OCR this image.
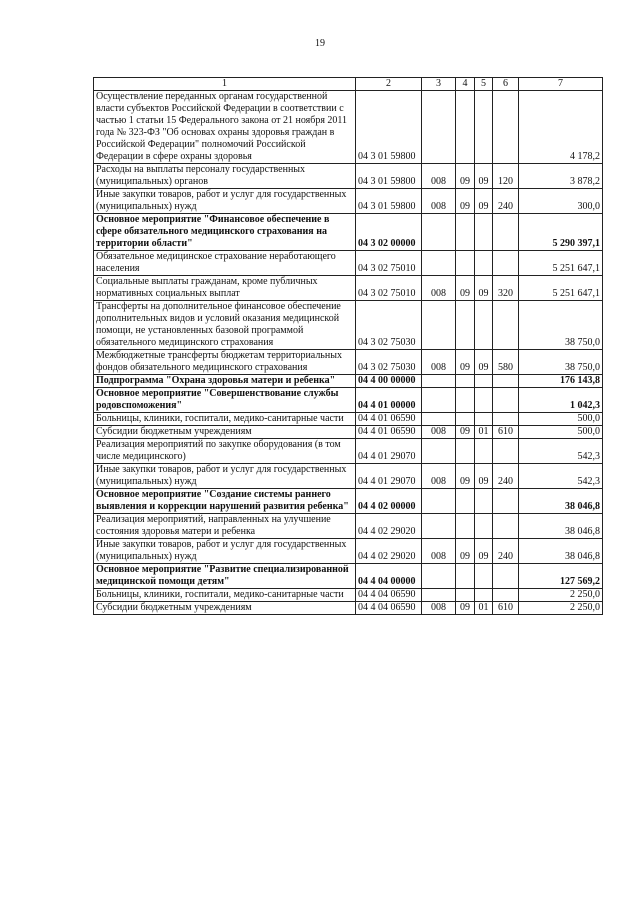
19
1	2	3	4	5	6	7
Осуществление переданных органам государственной власти субъектов Российской Федерации в соответствии с частью 1 статьи 15 Федерального закона от 21 ноября 2011 года № 323-ФЗ "Об основах охраны здоровья граждан в Российской Федерации" полномочий Российской Федерации в сфере охраны здоровья	04 3 01 59800					4 178,2
Расходы на выплаты персоналу государственных (муниципальных) органов	04 3 01 59800	008	09	09	120	3 878,2
Иные закупки товаров, работ и услуг для государственных (муниципальных) нужд	04 3 01 59800	008	09	09	240	300,0
Основное мероприятие "Финансовое обеспечение в сфере обязательного медицинского страхования на территории области"	04 3 02 00000					5 290 397,1
Обязательное медицинское страхование неработающего населения	04 3 02 75010					5 251 647,1
Социальные выплаты гражданам, кроме публичных нормативных социальных выплат	04 3 02 75010	008	09	09	320	5 251 647,1
Трансферты на дополнительное финансовое обеспечение дополнительных видов и условий оказания медицинской помощи, не установленных базовой программой обязательного медицинского страхования	04 3 02 75030					38 750,0
Межбюджетные трансферты бюджетам территориальных фондов обязательного медицинского страхования	04 3 02 75030	008	09	09	580	38 750,0
Подпрограмма "Охрана здоровья матери и ребенка"	04 4 00 00000					176 143,8
Основное мероприятие "Совершенствование службы родовспоможения"	04 4 01 00000					1 042,3
Больницы, клиники, госпитали, медико-санитарные части	04 4 01 06590					500,0
Субсидии бюджетным учреждениям	04 4 01 06590	008	09	01	610	500,0
Реализация мероприятий по закупке оборудования (в том числе медицинского)	04 4 01 29070					542,3
Иные закупки товаров, работ и услуг для государственных (муниципальных) нужд	04 4 01 29070	008	09	09	240	542,3
Основное мероприятие "Создание системы раннего выявления и коррекции нарушений развития ребенка"	04 4 02 00000					38 046,8
Реализация мероприятий, направленных на улучшение состояния здоровья матери и ребенка	04 4 02 29020					38 046,8
Иные закупки товаров, работ и услуг для государственных (муниципальных) нужд	04 4 02 29020	008	09	09	240	38 046,8
Основное мероприятие "Развитие специализированной медицинской помощи детям"	04 4 04 00000					127 569,2
Больницы, клиники, госпитали, медико-санитарные части	04 4 04 06590					2 250,0
Субсидии бюджетным учреждениям	04 4 04 06590	008	09	01	610	2 250,0
